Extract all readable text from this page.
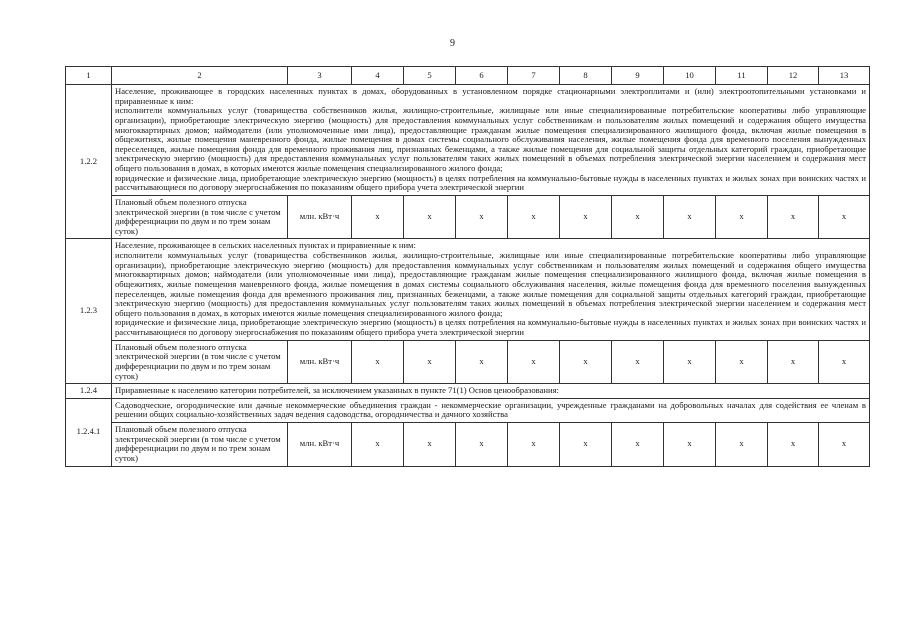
9
1	2	3	4	5	6	7	8	9	10	11	12	13
1.2.2	Население, проживающее в городских населенных пунктах в домах, оборудованных в установленном порядке стационарными электроплитами и (или) электроотопительными установками и приравненные к ним:

исполнители коммунальных услуг (товарищества собственников жилья, жилищно-строительные, жилищные или иные специализированные потребительские кооперативы либо управляющие организации), приобретающие электрическую энергию (мощность) для предоставления коммунальных услуг собственникам и пользователям жилых помещений и содержания общего имущества многоквартирных домов; наймодатели (или уполномоченные ими лица), предоставляющие гражданам жилые помещения специализированного жилищного фонда, включая жилые помещения в общежитиях, жилые помещения маневренного фонда, жилые помещения в домах системы социального обслуживания населения, жилые помещения фонда для временного поселения вынужденных переселенцев, жилые помещения фонда для временного проживания лиц, признанных беженцами, а также жилые помещения для социальной защиты отдельных категорий граждан, приобретающие электрическую энергию (мощность) для предоставления коммунальных услуг пользователям таких жилых помещений в объемах потребления электрической энергии населением и содержания мест общего пользования в домах, в которых имеются жилые помещения специализированного жилого фонда;

юридические и физические лица, приобретающие электрическую энергию (мощность) в целях потребления на коммунально-бытовые нужды в населенных пунктах и жилых зонах при воинских частях и рассчитывающиеся по договору энергоснабжения по показаниям общего прибора учета электрической энергии											

	Плановый объем полезного отпуска электрической энергии (в том числе с учетом дифференциации по двум и по трем зонам суток)	млн. кВт·ч	x	x	x	x	x	x	x	x	x	x
1.2.3	Население, проживающее в сельских населенных пунктах и приравненные к ним:

исполнители коммунальных услуг (товарищества собственников жилья, жилищно-строительные, жилищные или иные специализированные потребительские кооперативы либо управляющие организации), приобретающие электрическую энергию (мощность) для предоставления коммунальных услуг собственникам и пользователям жилых помещений и содержания общего имущества многоквартирных домов; наймодатели (или уполномоченные ими лица), предоставляющие гражданам жилые помещения специализированного жилищного фонда, включая жилые помещения в общежитиях, жилые помещения маневренного фонда, жилые помещения в домах системы социального обслуживания населения, жилые помещения фонда для временного поселения вынужденных переселенцев, жилые помещения фонда для временного проживания лиц, признанных беженцами, а также жилые помещения для социальной защиты отдельных категорий граждан, приобретающие электрическую энергию (мощность) для предоставления коммунальных услуг пользователям таких жилых помещений в объемах потребления электрической энергии населением и содержания мест общего пользования в домах, в которых имеются жилые помещения специализированного жилого фонда;

юридические и физические лица, приобретающие электрическую энергию (мощность) в целях потребления на коммунально-бытовые нужды в населенных пунктах и жилых зонах при воинских частях и рассчитывающиеся по договору энергоснабжения по показаниям общего прибора учета электрической энергии											

	Плановый объем полезного отпуска электрической энергии (в том числе с учетом дифференциации по двум и по трем зонам суток)	млн. кВт·ч	x	x	x	x	x	x	x	x	x	x
1.2.4	Приравненные к населению категории потребителей, за исключением указанных в пункте 71(1) Основ ценообразования:											
1.2.4.1	Садоводческие, огороднические или дачные некоммерческие объединения граждан - некоммерческие организации, учрежденные гражданами на добровольных началах для содействия ее членам в решении общих социально-хозяйственных задач ведения садоводства, огородничества и дачного хозяйства											
	Плановый объем полезного отпуска электрической энергии (в том числе с учетом дифференциации по двум и по трем зонам суток)	млн. кВт·ч	x	x	x	x	x	x	x	x	x	x
